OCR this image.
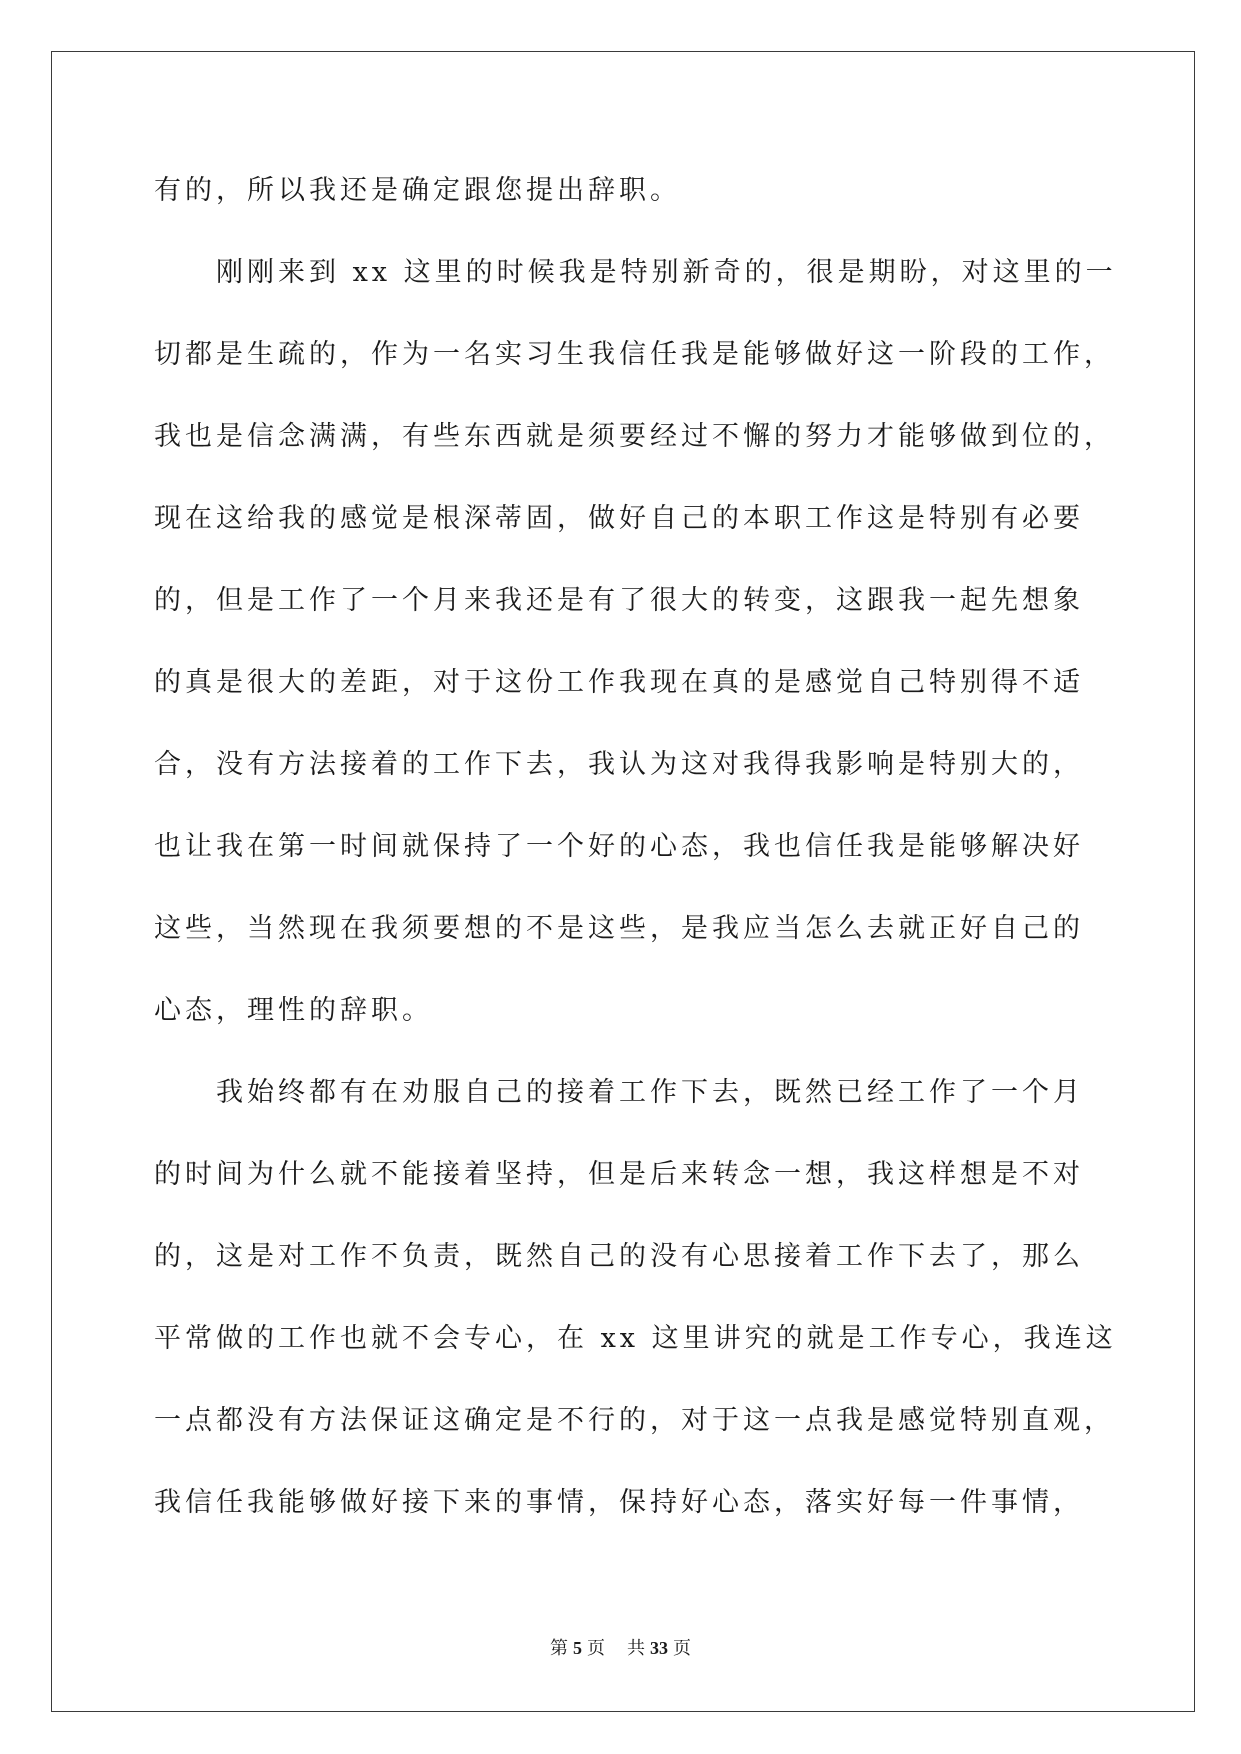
有的，所以我还是确定跟您提出辞职。
刚刚来到 xx 这里的时候我是特别新奇的，很是期盼，对这里的一
切都是生疏的，作为一名实习生我信任我是能够做好这一阶段的工作，
我也是信念满满，有些东西就是须要经过不懈的努力才能够做到位的，
现在这给我的感觉是根深蒂固，做好自己的本职工作这是特别有必要
的，但是工作了一个月来我还是有了很大的转变，这跟我一起先想象
的真是很大的差距，对于这份工作我现在真的是感觉自己特别得不适
合，没有方法接着的工作下去，我认为这对我得我影响是特别大的，
也让我在第一时间就保持了一个好的心态，我也信任我是能够解决好
这些，当然现在我须要想的不是这些，是我应当怎么去就正好自己的
心态，理性的辞职。
我始终都有在劝服自己的接着工作下去，既然已经工作了一个月
的时间为什么就不能接着坚持，但是后来转念一想，我这样想是不对
的，这是对工作不负责，既然自己的没有心思接着工作下去了，那么
平常做的工作也就不会专心，在 xx 这里讲究的就是工作专心，我连这
一点都没有方法保证这确定是不行的，对于这一点我是感觉特别直观，
我信任我能够做好接下来的事情，保持好心态，落实好每一件事情，
第 5 页 共 33 页
